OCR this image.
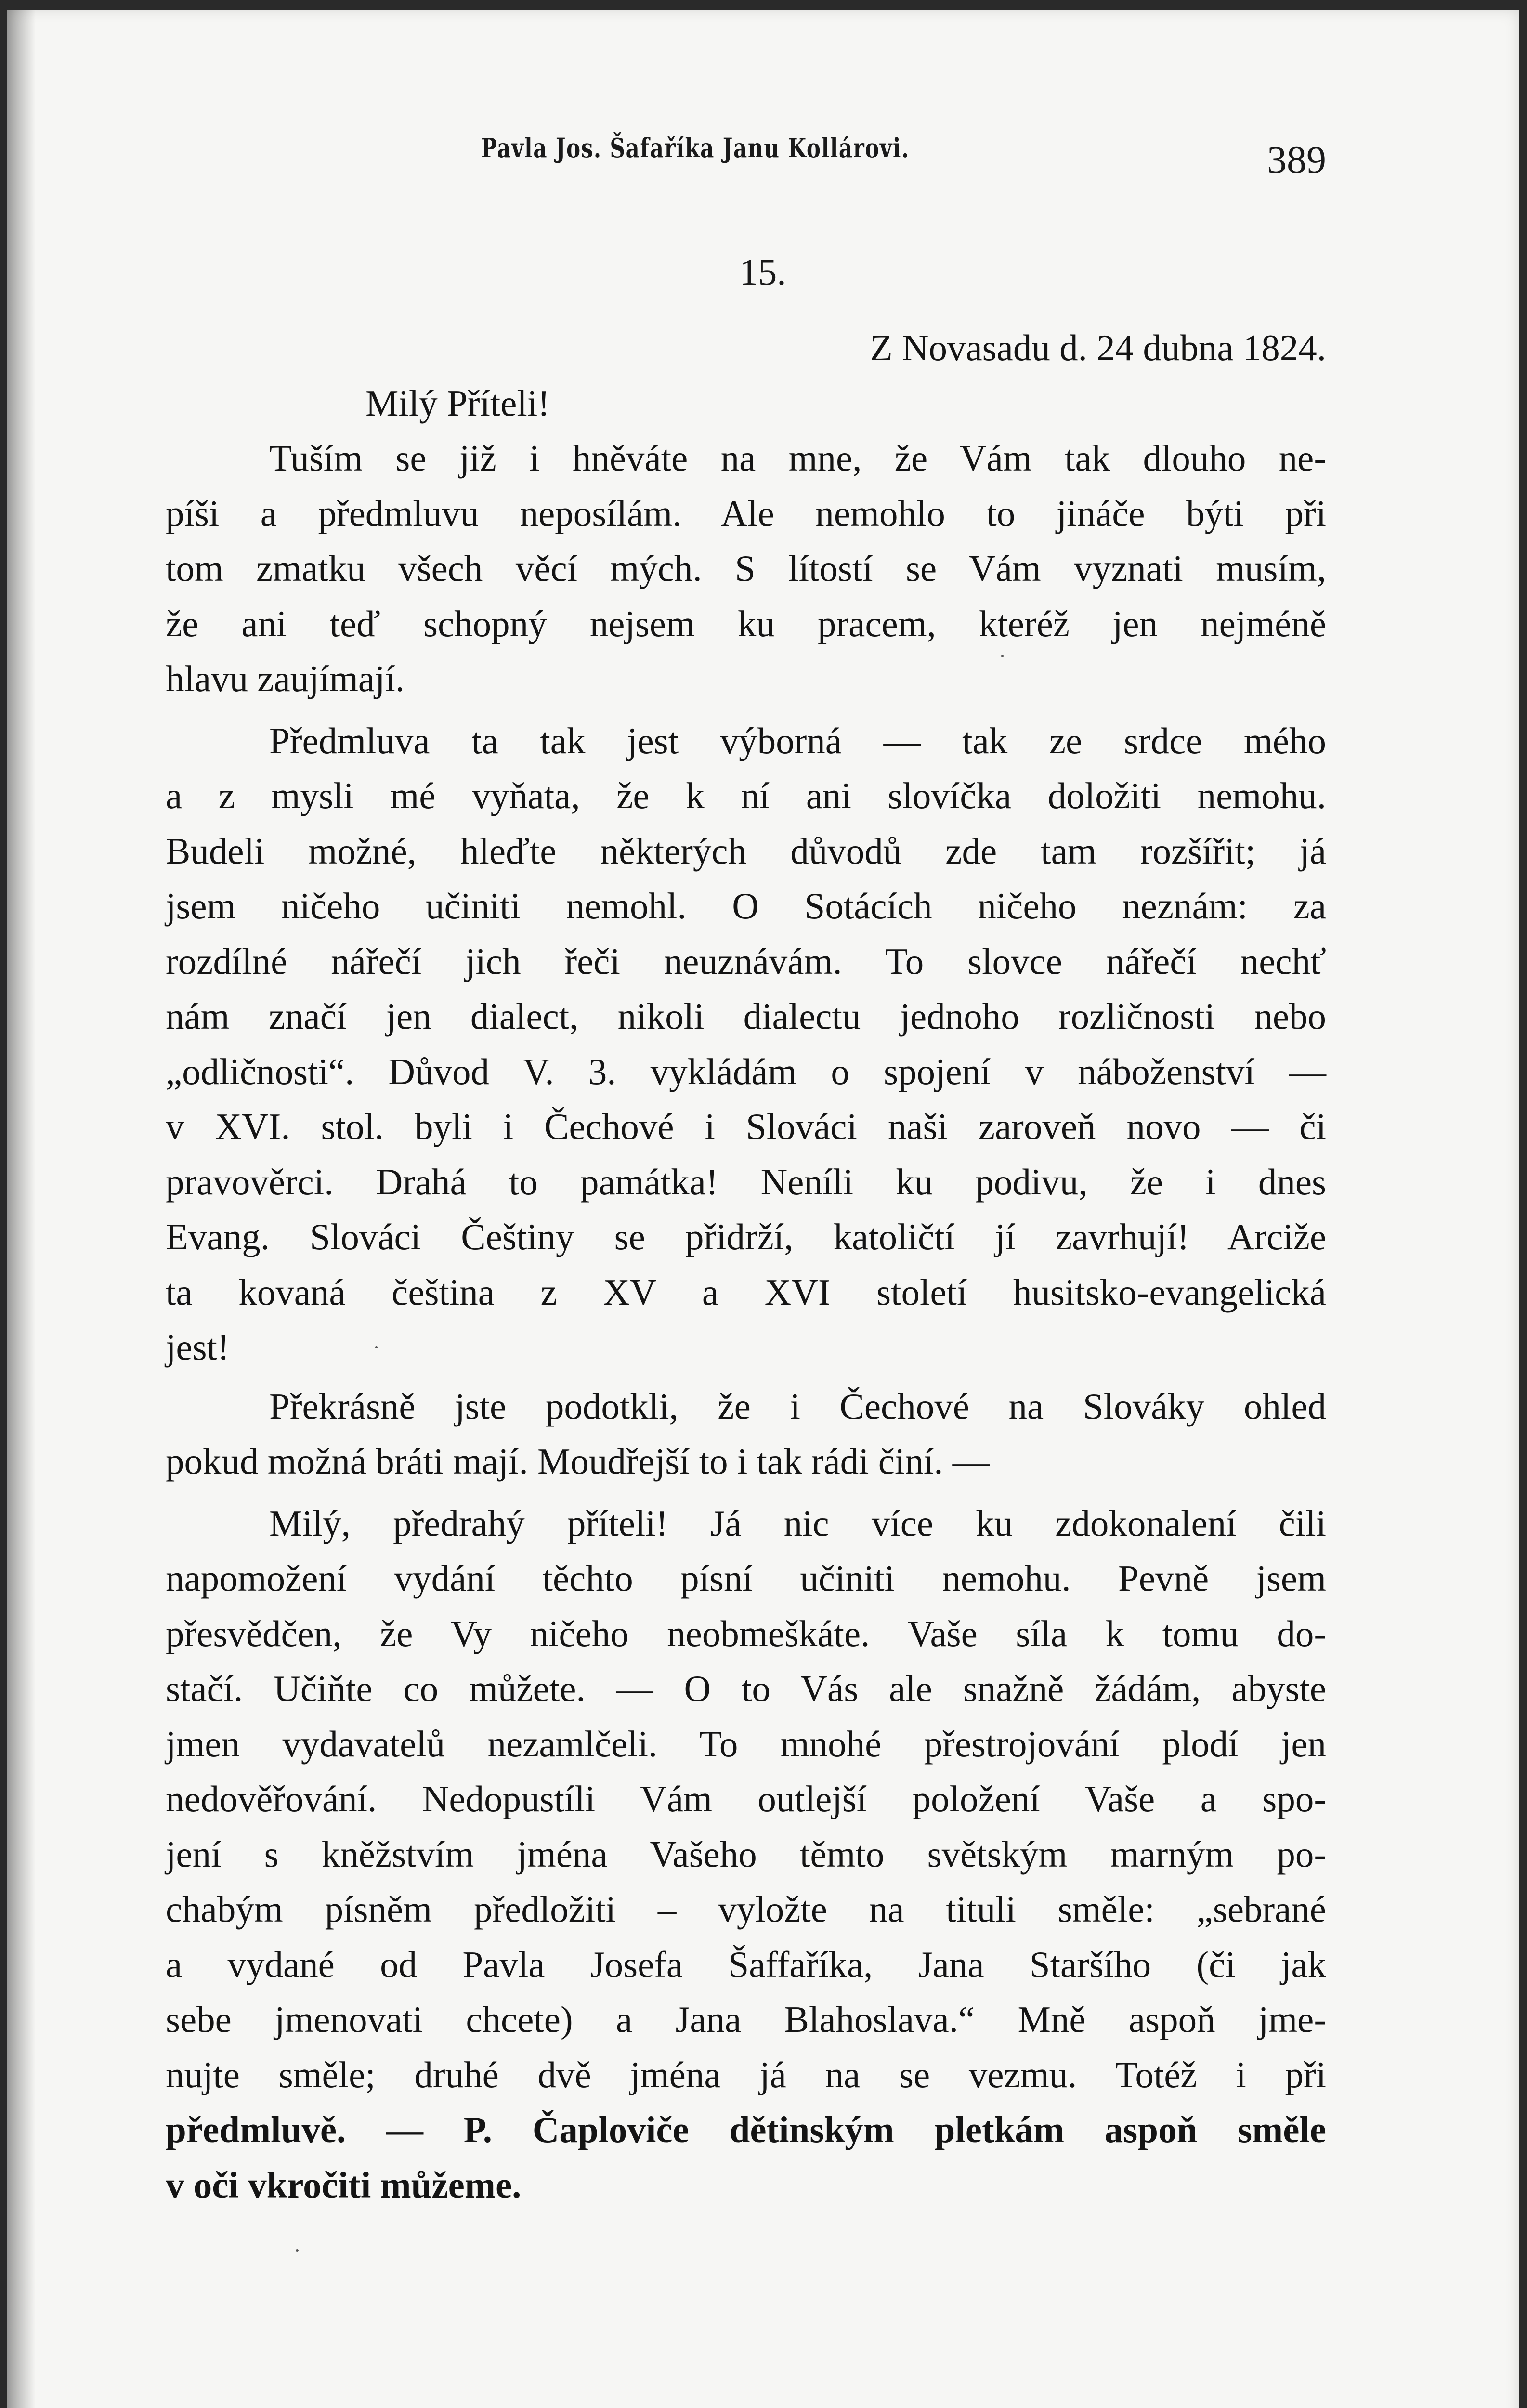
Pavla Jos. Šafaříka Janu Kollárovi.	389
15.
Z Novasadu d. 24 dubna 1824.
Milý Příteli!
Tuším se již i hněváte na mne, že Vám tak dlouho ne-
píši a předmluvu neposílám. Ale nemohlo to jináče býti při
tom zmatku všech věcí mých. S lítostí se Vám vyznati musím,
že ani teď schopný nejsem ku pracem, kteréž jen nejméně
hlavu zaujímají.
Předmluva ta tak jest výborná — tak ze srdce mého
a z mysli mé vyňata, že k ní ani slovíčka doložiti nemohu.
Budeli možné, hleďte některých důvodů zde tam rozšířit; já
jsem ničeho učiniti nemohl. O Sotácích ničeho neznám: za
rozdílné nářečí jich řeči neuznávám. To slovce nářečí nechť
nám značí jen dialect, nikoli dialectu jednoho rozličnosti nebo
„odličnosti“. Důvod V. 3. vykládám o spojení v náboženství —
v XVI. stol. byli i Čechové i Slováci naši zaroveň novo — či
pravověrci. Drahá to památka! Neníli ku podivu, že i dnes
Evang. Slováci Češtiny se přidrží, katoličtí jí zavrhují! Arciže
ta kovaná čeština z XV a XVI století husitsko-evangelická
jest!
Překrásně jste podotkli, že i Čechové na Slováky ohled
pokud možná bráti mají. Moudřejší to i tak rádi činí. —
Milý, předrahý příteli! Já nic více ku zdokonalení čili
napomožení vydání těchto písní učiniti nemohu. Pevně jsem
přesvědčen, že Vy ničeho neobmeškáte. Vaše síla k tomu do-
stačí. Učiňte co můžete. — O to Vás ale snažně žádám, abyste
jmen vydavatelů nezamlčeli. To mnohé přestrojování plodí jen
nedověřování. Nedopustíli Vám outlejší položení Vaše a spo-
jení s kněžstvím jména Vašeho těmto světským marným po-
chabým písněm předložiti – vyložte na tituli směle: „sebrané
a vydané od Pavla Josefa Šaffaříka, Jana Staršího (či jak
sebe jmenovati chcete) a Jana Blahoslava.“ Mně aspoň jme-
nujte směle; druhé dvě jména já na se vezmu. Totéž i při
předmluvě. — P. Čaploviče dětinským pletkám aspoň směle
v oči vkročiti můžeme.
